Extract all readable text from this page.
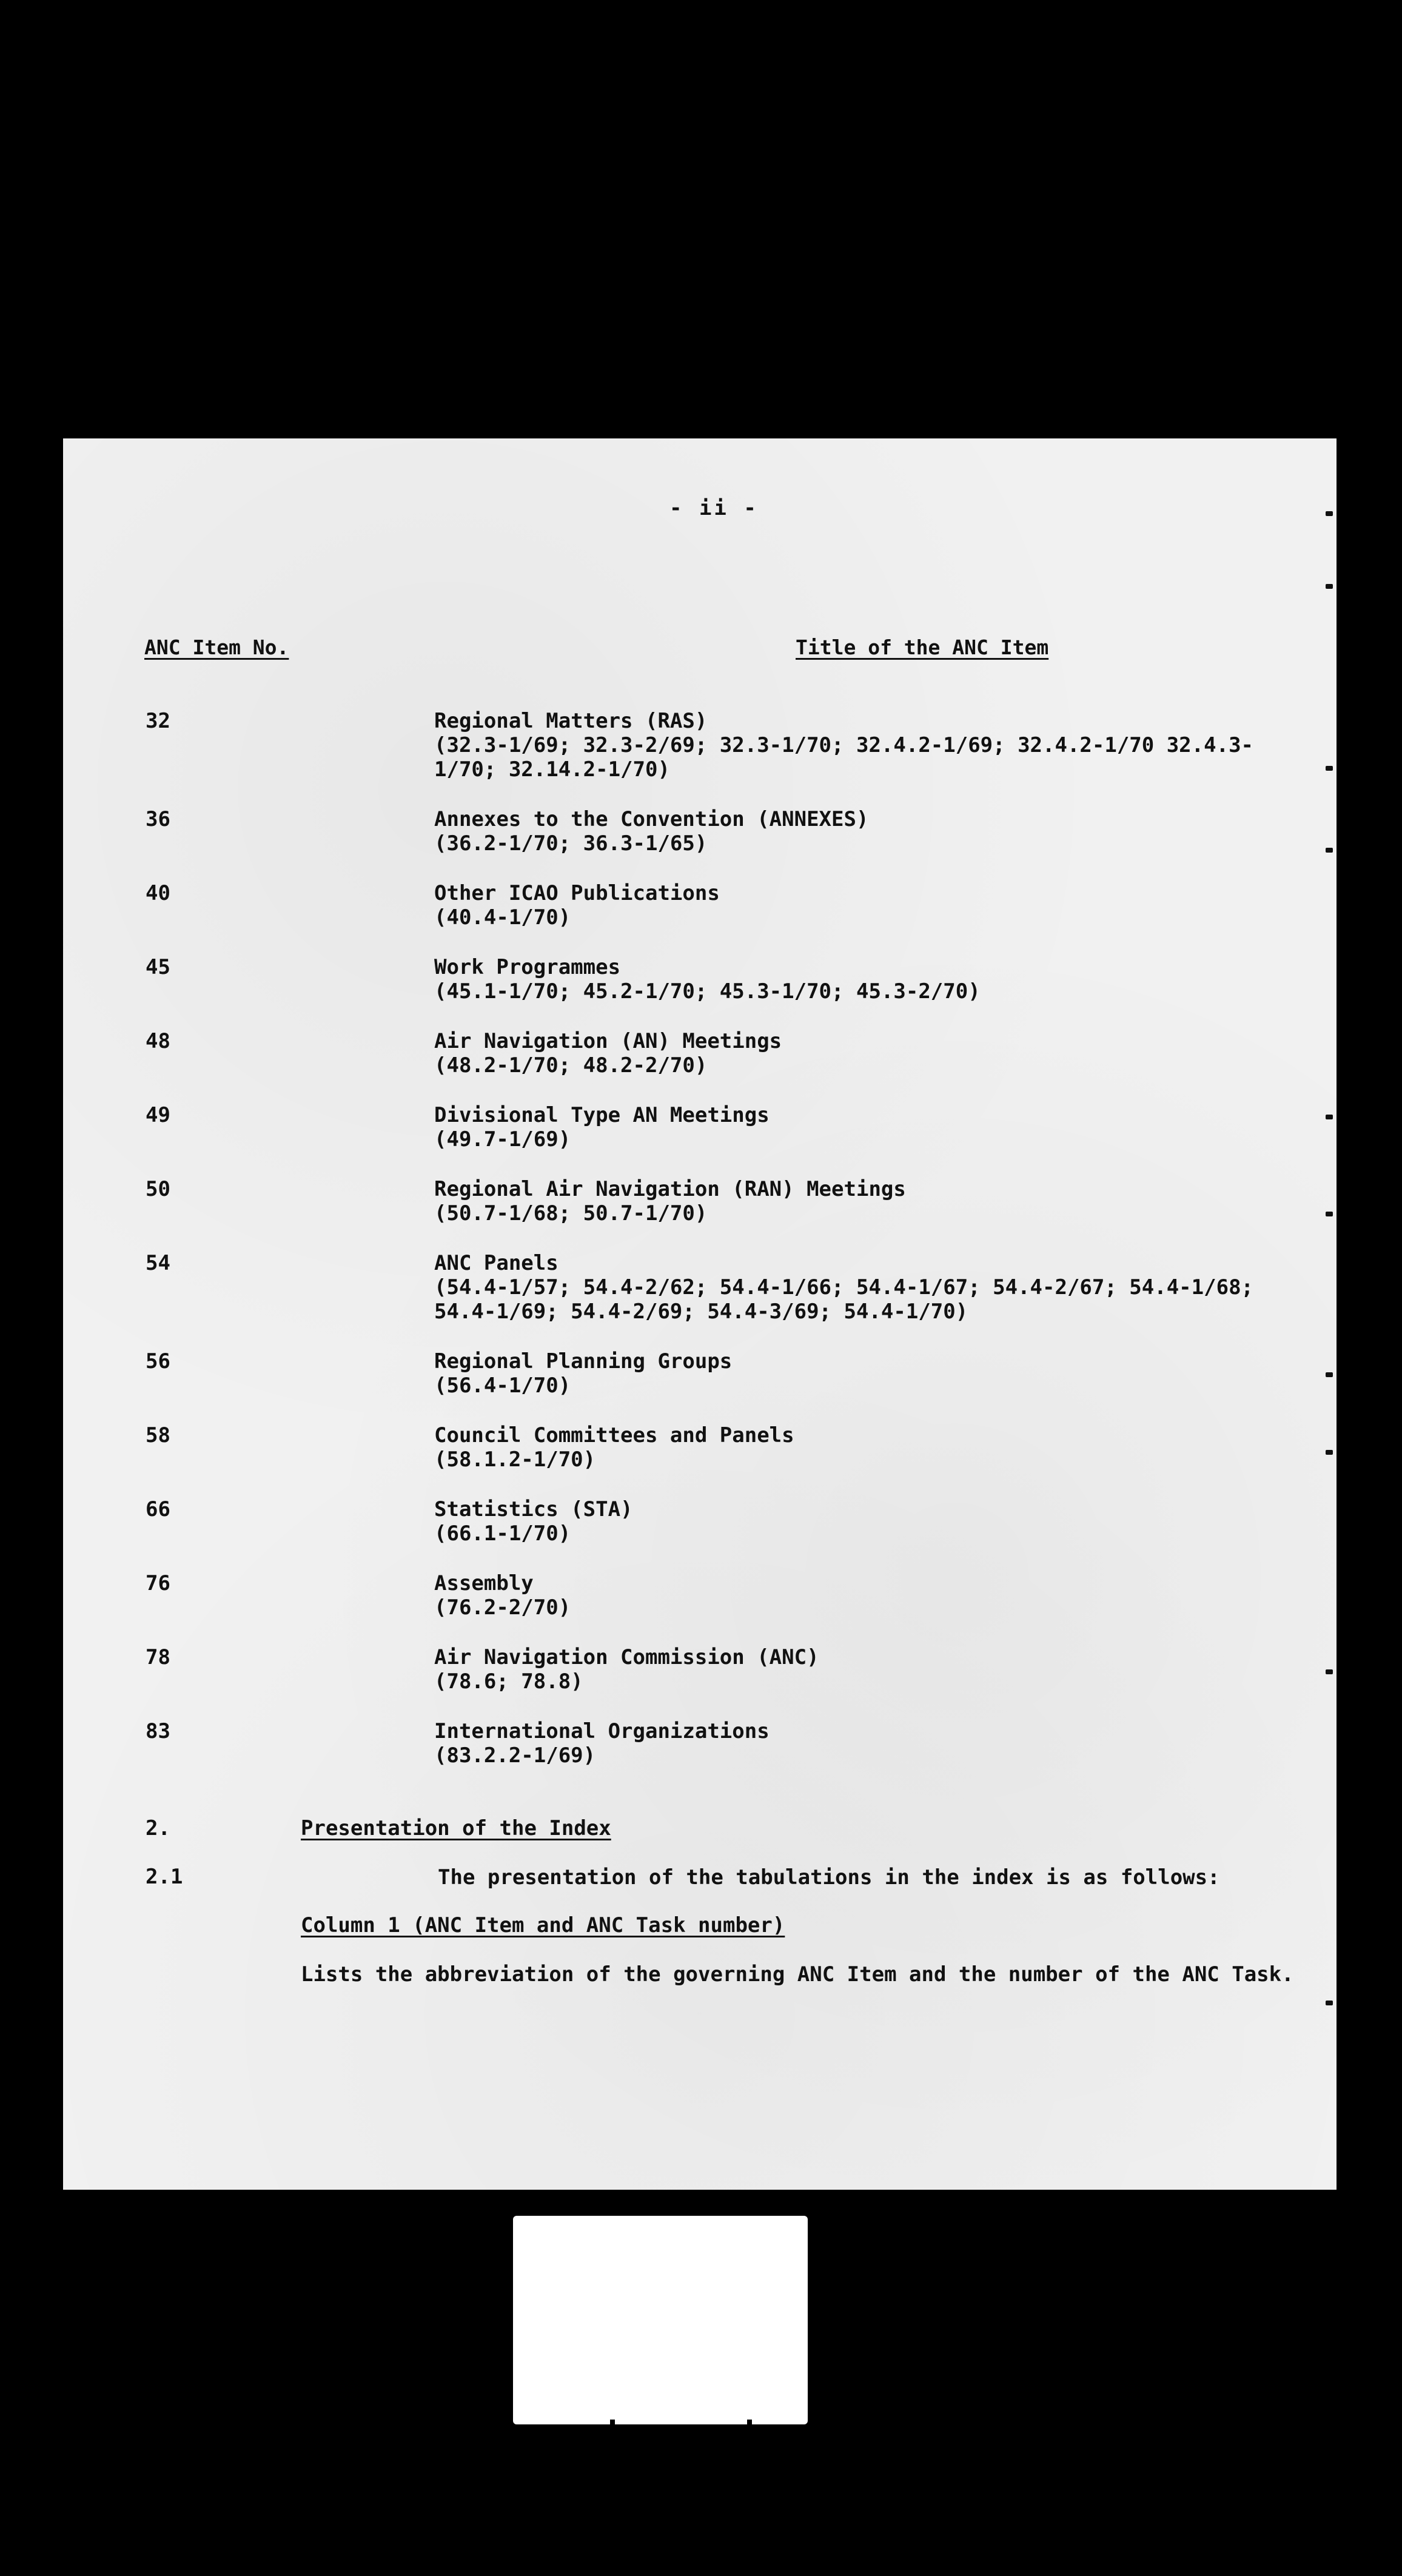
- ii -
ANC Item No.	Title of the ANC Item
32	Regional Matters (RAS)
(32.3-1/69; 32.3-2/69; 32.3-1/70; 32.4.2-1/69; 32.4.2-1/70 32.4.3-1/70; 32.14.2-1/70)
36	Annexes to the Convention (ANNEXES)
(36.2-1/70; 36.3-1/65)
40	Other ICAO Publications
(40.4-1/70)
45	Work Programmes
(45.1-1/70; 45.2-1/70; 45.3-1/70; 45.3-2/70)
48	Air Navigation (AN) Meetings
(48.2-1/70; 48.2-2/70)
49	Divisional Type AN Meetings
(49.7-1/69)
50	Regional Air Navigation (RAN) Meetings
(50.7-1/68; 50.7-1/70)
54	ANC Panels
(54.4-1/57; 54.4-2/62; 54.4-1/66; 54.4-1/67; 54.4-2/67; 54.4-1/68; 54.4-1/69; 54.4-2/69; 54.4-3/69; 54.4-1/70)
56	Regional Planning Groups
(56.4-1/70)
58	Council Committees and Panels
(58.1.2-1/70)
66	Statistics (STA)
(66.1-1/70)
76	Assembly
(76.2-2/70)
78	Air Navigation Commission (ANC)
(78.6; 78.8)
83	International Organizations
(83.2.2-1/69)
2.	Presentation of the Index
2.1	The presentation of the tabulations in the index is as follows:
Column 1 (ANC Item and ANC Task number)
Lists the abbreviation of the governing ANC Item and the number of the ANC Task.
